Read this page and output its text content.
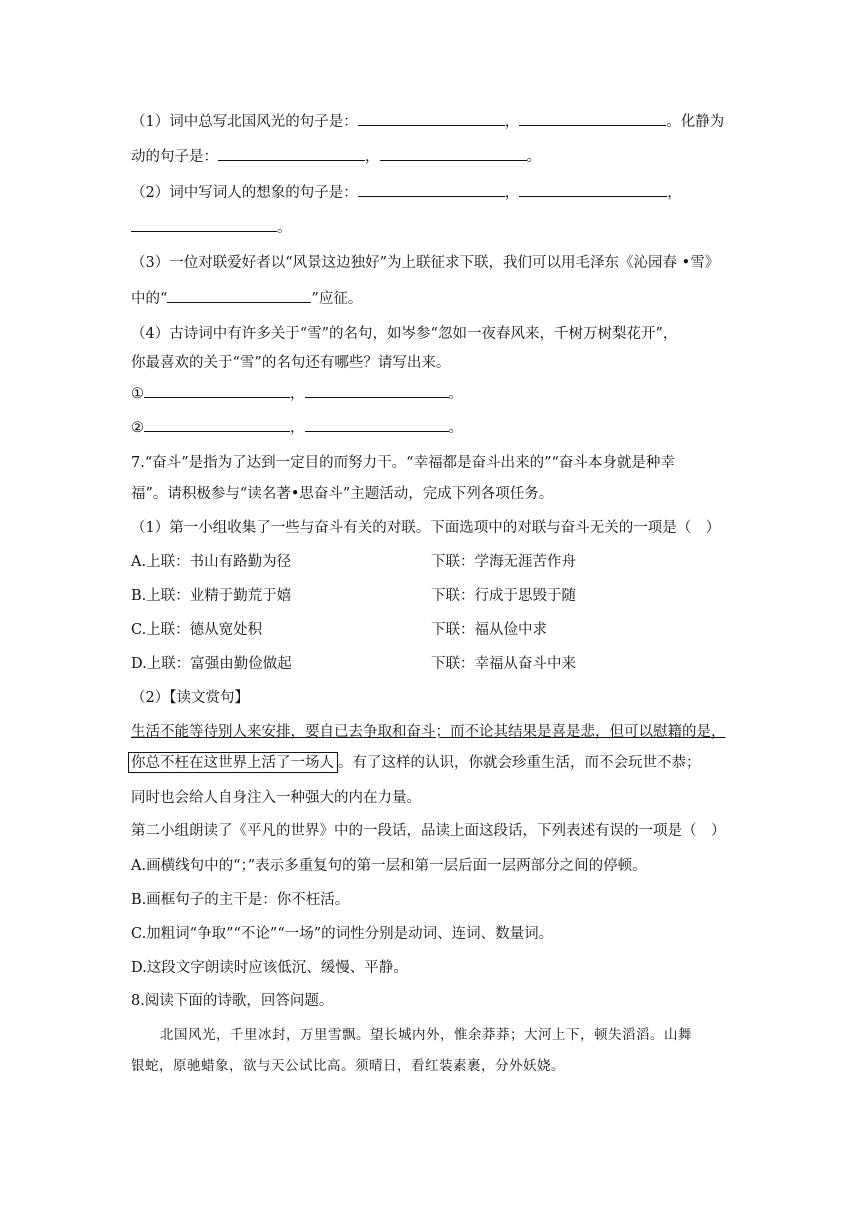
（1）词中总写北国风光的句子是：	，	。化静为
动的句子是：	，	。
（2）词中写词人的想象的句子是：	，	，
。
（3）一位对联爱好者以“风景这边独好”为上联征求下联，我们可以用毛泽东《沁园春 •雪》
中的“	”应征。
（4）古诗词中有许多关于“雪”的名句，如岑参“忽如一夜春风来，千树万树梨花开”，
你最喜欢的关于“雪”的名句还有哪些？请写出来。
①	，	。
②	，	。
7.“奋斗”是指为了达到一定目的而努力干。“幸福都是奋斗出来的”“奋斗本身就是种幸
福”。请积极参与“读名著•思奋斗”主题活动，完成下列各项任务。
（1）第一小组收集了一些与奋斗有关的对联。下面选项中的对联与奋斗无关的一项是（　）
A.上联：书山有路勤为径	下联：学海无涯苦作舟
B.上联：业精于勤荒于嬉	下联：行成于思毁于随
C.上联：德从宽处积	下联：福从俭中求
D.上联：富强由勤俭做起	下联：幸福从奋斗中来
（2）【读文赏句】
生活不能等待别人来安排，要自已去争取和奋斗；而不论其结果是喜是悲，但可以慰籍的是，
你总不枉在这世界上活了一场人 。有了这样的认识，你就会珍重生活，而不会玩世不恭；
同时也会给人自身注入一种强大的内在力量。
第二小组朗读了《平凡的世界》中的一段话，品读上面这段话，下列表述有误的一项是（　）
A.画横线句中的“；”表示多重复句的第一层和第一层后面一层两部分之间的停顿。
B.画框句子的主干是：你不枉活。
C.加粗词“争取”“不论”“一场”的词性分别是动词、连词、数量词。
D.这段文字朗读时应该低沉、缓慢、平静。
8.阅读下面的诗歌，回答问题。
北国风光，千里冰封，万里雪飘。望长城内外，惟余莽莽；大河上下，顿失滔滔。山舞
银蛇，原驰蜡象，欲与天公试比高。须晴日，看红装素裹，分外妖娆。
